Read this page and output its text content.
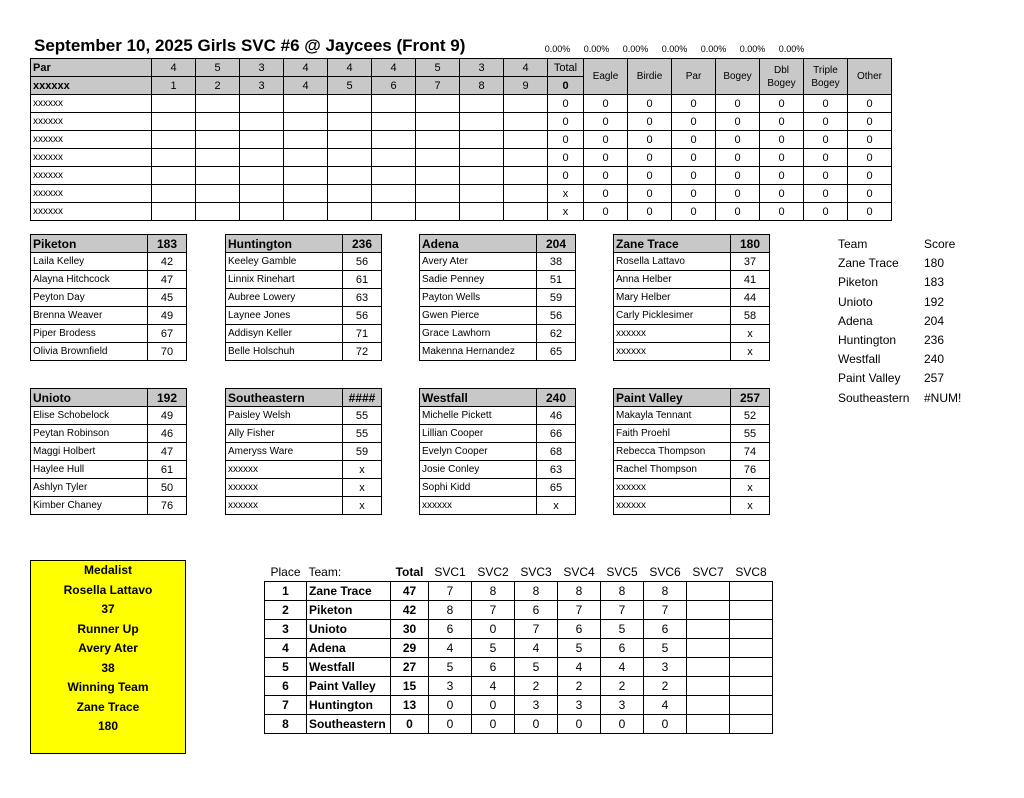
September 10, 2025 Girls SVC #6 @ Jaycees (Front 9)	0.00%	0.00%	0.00%	0.00%	0.00%	0.00%	0.00%
Par	4	5	3	4	4	4	5	3	4	Total	Eagle	Birdie	Par	Bogey	Dbl Bogey	Triple Bogey	Other
xxxxxx	1	2	3	4	5	6	7	8	9	0							
xxxxxx										0	0	0	0	0	0	0	0
xxxxxx										0	0	0	0	0	0	0	0
xxxxxx										0	0	0	0	0	0	0	0
xxxxxx										0	0	0	0	0	0	0	0
xxxxxx										0	0	0	0	0	0	0	0
xxxxxx										x	0	0	0	0	0	0	0
xxxxxx										x	0	0	0	0	0	0	0
Piketon	183
Laila Kelley	42
Alayna Hitchcock	47
Peyton Day	45
Brenna Weaver	49
Piper Brodess	67
Olivia Brownfield	70
Huntington	236
Keeley Gamble	56
Linnix Rinehart	61
Aubree Lowery	63
Laynee Jones	56
Addisyn Keller	71
Belle Holschuh	72
Adena	204
Avery Ater	38
Sadie Penney	51
Payton Wells	59
Gwen Pierce	56
Grace Lawhorn	62
Makenna Hernandez	65
Zane Trace	180
Rosella Lattavo	37
Anna Helber	41
Mary Helber	44
Carly Picklesimer	58
xxxxxx	x
xxxxxx	x
Unioto	192
Elise Schobelock	49
Peytan Robinson	46
Maggi Holbert	47
Haylee Hull	61
Ashlyn Tyler	50
Kimber Chaney	76
Southeastern	####
Paisley Welsh	55
Ally Fisher	55
Ameryss Ware	59
xxxxxx	x
xxxxxx	x
xxxxxx	x
Westfall	240
Michelle Pickett	46
Lillian Cooper	66
Evelyn Cooper	68
Josie Conley	63
Sophi Kidd	65
xxxxxx	x
Paint Valley	257
Makayla Tennant	52
Faith Proehl	55
Rebecca Thompson	74
Rachel Thompson	76
xxxxxx	x
xxxxxx	x
Team	Score
Zane Trace	180
Piketon	183
Unioto	192
Adena	204
Huntington	236
Westfall	240
Paint Valley	257
Southeastern	#NUM!
Medalist
Rosella Lattavo
37
Runner Up
Avery Ater
38
Winning Team
Zane Trace
180
Place	Team:	Total	SVC1	SVC2	SVC3	SVC4	SVC5	SVC6	SVC7	SVC8
1	Zane Trace	47	7	8	8	8	8	8		
2	Piketon	42	8	7	6	7	7	7		
3	Unioto	30	6	0	7	6	5	6		
4	Adena	29	4	5	4	5	6	5		
5	Westfall	27	5	6	5	4	4	3		
6	Paint Valley	15	3	4	2	2	2	2		
7	Huntington	13	0	0	3	3	3	4		
8	Southeastern	0	0	0	0	0	0	0		
